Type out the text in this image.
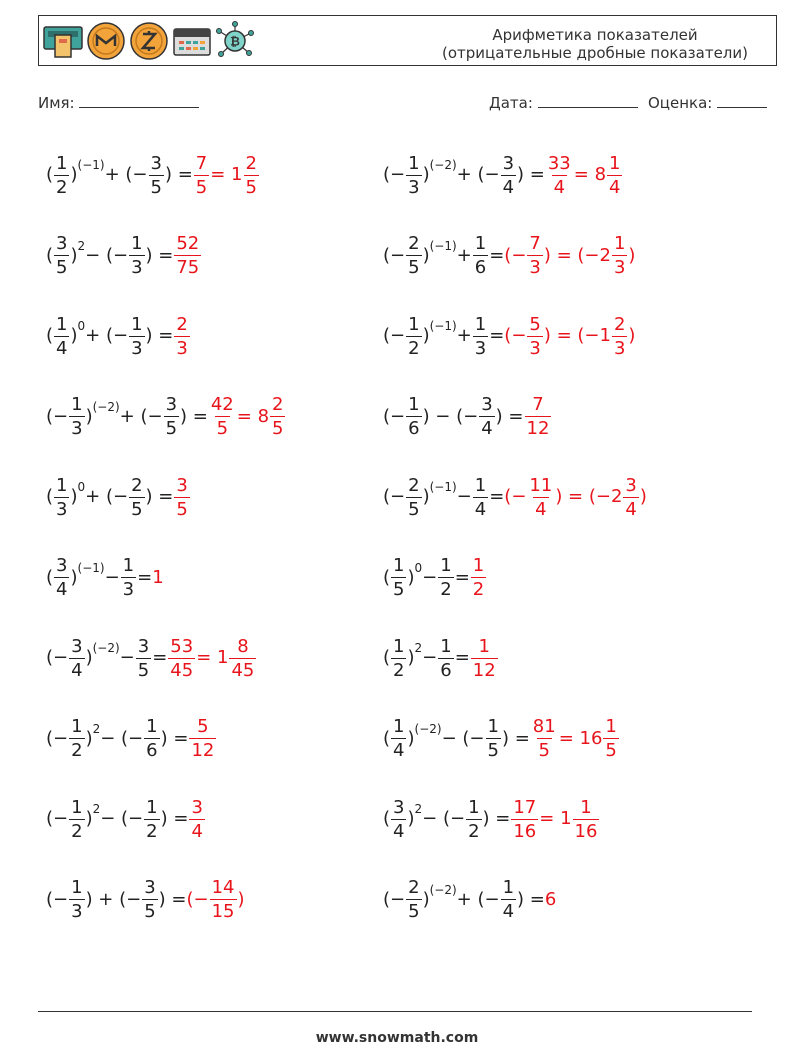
₿	Арифметика показателей
(отрицательные дробные показатели)
Имя:	Дата:	Оценка:
( $\frac{1}{2}$ ) (−1) + (− $\frac{3}{5}$ ) = $\frac{7}{5} = 1 \frac{2}{5}$	(− $\frac{1}{3}$ ) (−2) + (− $\frac{3}{4}$ ) = $\frac{33}{4} = 8 \frac{1}{4}$
( $\frac{3}{5}$ ) 2 − (− $\frac{1}{3}$ ) = $\frac{52}{75}$	(− $\frac{2}{5}$ ) $(-1) + \frac{1}{6}$ = (− $\frac{7}{3}$ ) = ($-2 \frac{1}{3}$ )
( $\frac{1}{4}$ ) 0 + (− $\frac{1}{3}$ ) = $\frac{2}{3}$	(− $\frac{1}{2}$ ) $(-1) + \frac{1}{3}$ = (− $\frac{5}{3}$ ) = ($-1 \frac{2}{3}$ )
(− $\frac{1}{3}$ ) (−2) + (− $\frac{3}{5}$ ) = $\frac{42}{5} = 8 \frac{2}{5}$	(− $\frac{1}{6}$ ) − (− $\frac{3}{4}$ ) = $\frac{7}{12}$
( $\frac{1}{3}$ ) 0 + (− $\frac{2}{5}$ ) = $\frac{3}{5}$	(− $\frac{2}{5}$ ) $(-1) - \frac{1}{4}$ = (− $\frac{11}{4}$ ) = ($-2 \frac{3}{4}$ )
( $\frac{3}{4}$ ) $(-1) - \frac{1}{3} = 1$	( $\frac{1}{5}$ ) $0 - \frac{1}{2} = \frac{1}{2}$
(− $\frac{3}{4}$ ) $(-2) - \frac{3}{5} = \frac{53}{45} = 1 \frac{8}{45}$	( $\frac{1}{2}$ ) $2 - \frac{1}{6} = \frac{1}{12}$
(− $\frac{1}{2}$ ) 2 − (− $\frac{1}{6}$ ) = $\frac{5}{12}$	( $\frac{1}{4}$ ) (−2) − (− $\frac{1}{5}$ ) = $\frac{81}{5} = 16 \frac{1}{5}$
(− $\frac{1}{2}$ ) 2 − (− $\frac{1}{2}$ ) = $\frac{3}{4}$	( $\frac{3}{4}$ ) 2 − (− $\frac{1}{2}$ ) = $\frac{17}{16} = 1 \frac{1}{16}$
(− $\frac{1}{3}$ ) + (− $\frac{3}{5}$ ) = (− $\frac{14}{15}$ )	(− $\frac{2}{5}$ ) (−2) + (− $\frac{1}{4}$ ) = 6
www.snowmath.com
